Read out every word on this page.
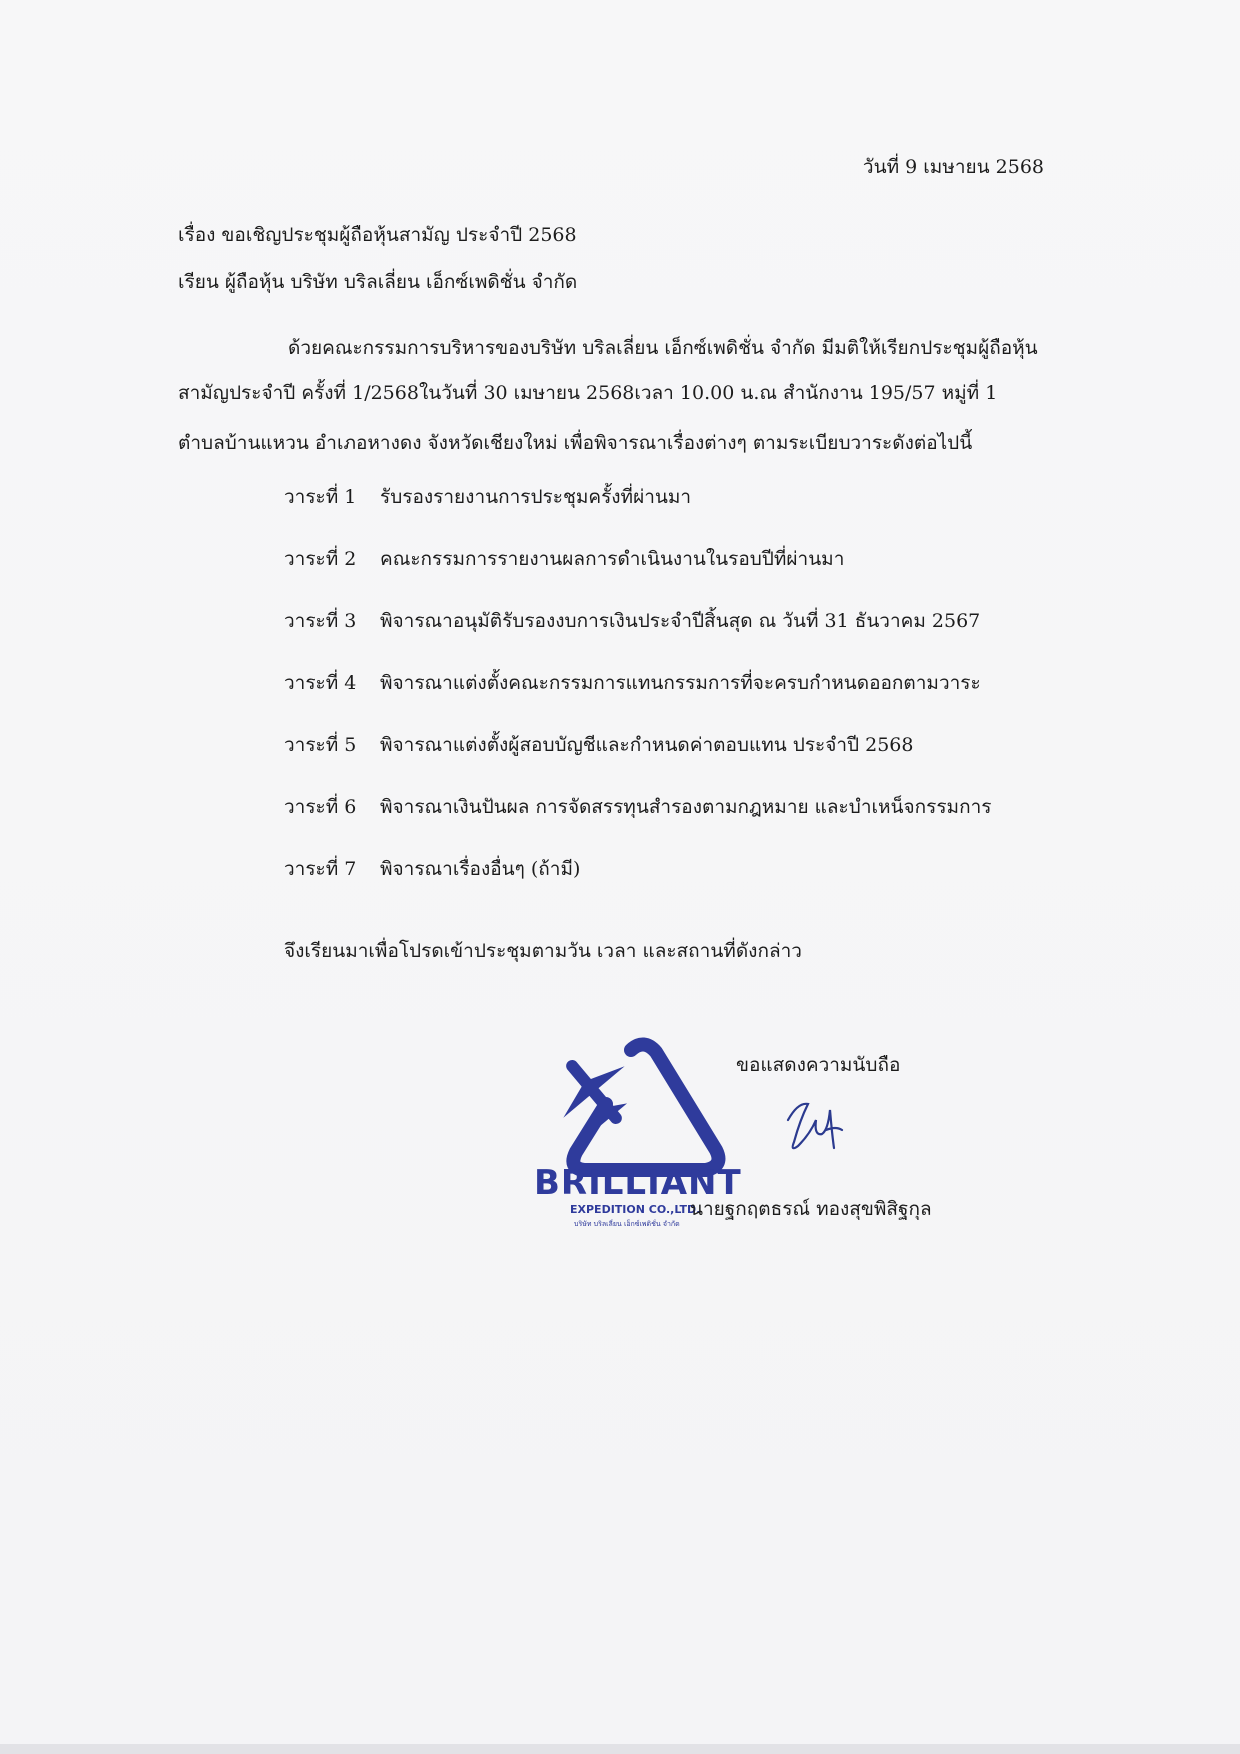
วันที่ 9 เมษายน 2568
เรื่อง ขอเชิญประชุมผู้ถือหุ้นสามัญ ประจำปี 2568
เรียน ผู้ถือหุ้น บริษัท บริลเลี่ยน เอ็กซ์เพดิชั่น จำกัด
ด้วยคณะกรรมการบริหารของบริษัท บริลเลี่ยน เอ็กซ์เพดิชั่น จำกัด มีมติให้เรียกประชุมผู้ถือหุ้น
สามัญประจำปี ครั้งที่ 1/2568ในวันที่ 30 เมษายน 2568เวลา 10.00 น.ณ สำนักงาน 195/57 หมู่ที่ 1
ตำบลบ้านแหวน อำเภอหางดง จังหวัดเชียงใหม่ เพื่อพิจารณาเรื่องต่างๆ ตามระเบียบวาระดังต่อไปนี้
วาระที่ 1 รับรองรายงานการประชุมครั้งที่ผ่านมา
วาระที่ 2 คณะกรรมการรายงานผลการดำเนินงานในรอบปีที่ผ่านมา
วาระที่ 3 พิจารณาอนุมัติรับรองงบการเงินประจำปีสิ้นสุด ณ วันที่ 31 ธันวาคม 2567
วาระที่ 4 พิจารณาแต่งตั้งคณะกรรมการแทนกรรมการที่จะครบกำหนดออกตามวาระ
วาระที่ 5 พิจารณาแต่งตั้งผู้สอบบัญชีและกำหนดค่าตอบแทน ประจำปี 2568
วาระที่ 6 พิจารณาเงินปันผล การจัดสรรทุนสำรองตามกฎหมาย และบำเหน็จกรรมการ
วาระที่ 7 พิจารณาเรื่องอื่นๆ (ถ้ามี)
จึงเรียนมาเพื่อโปรดเข้าประชุมตามวัน เวลา และสถานที่ดังกล่าว
ขอแสดงความนับถือ
BRILLIANT
EXPEDITION CO.,LTD.
บริษัท บริลเลี่ยน เอ็กซ์เพดิชั่น จำกัด
นายฐกฤตธรณ์ ทองสุขพิสิฐกุล
